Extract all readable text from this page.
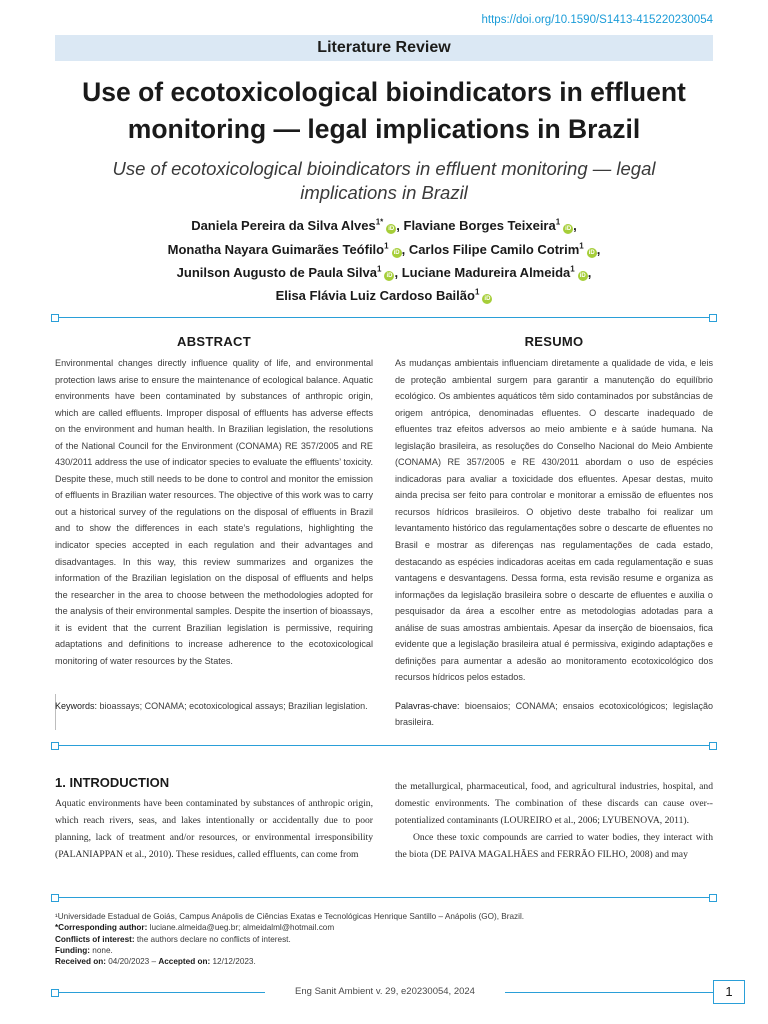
https://doi.org/10.1590/S1413-415220230054
Literature Review
Use of ecotoxicological bioindicators in effluent monitoring — legal implications in Brazil
Use of ecotoxicological bioindicators in effluent monitoring — legal implications in Brazil
Daniela Pereira da Silva Alves$^{1*}$iD , Flaviane Borges Teixeira$^1$iD ,
Monatha Nayara Guimarães Teófilo$^1$iD , Carlos Filipe Camilo Cotrim$^1$iD ,
Junilson Augusto de Paula Silva$^1$iD , Luciane Madureira Almeida$^1$iD ,
Elisa Flávia Luiz Cardoso Bailão$^1$iD
ABSTRACT

Environmental changes directly influence quality of life, and environmental protection laws arise to ensure the maintenance of ecological balance. Aquatic environments have been contaminated by substances of anthropic origin, which are called effluents. Improper disposal of effluents has adverse effects on the environment and human health. In Brazilian legislation, the resolutions of the National Council for the Environment (CONAMA) RE 357/2005 and RE 430/2011 address the use of indicator species to evaluate the effluents’ toxicity. Despite these, much still needs to be done to control and monitor the emission of effluents in Brazilian water resources. The objective of this work was to carry out a historical survey of the regulations on the disposal of effluents in Brazil and to show the differences in each state’s regulations, highlighting the indicator species accepted in each regulation and their advantages and disadvantages. In this way, this review summarizes and organizes the information of the Brazilian legislation on the disposal of effluents and helps the researcher in the area to choose between the methodologies adopted for the analysis of their environmental samples. Despite the insertion of bioassays, it is evident that the current Brazilian legislation is permissive, requiring adaptations and definitions to increase adherence to the ecotoxicological monitoring of water resources by the States.

RESUMO

As mudanças ambientais influenciam diretamente a qualidade de vida, e leis de proteção ambiental surgem para garantir a manutenção do equilíbrio ecológico. Os ambientes aquáticos têm sido contaminados por substâncias de origem antrópica, denominadas efluentes. O descarte inadequado de efluentes traz efeitos adversos ao meio ambiente e à saúde humana. Na legislação brasileira, as resoluções do Conselho Nacional do Meio Ambiente (CONAMA) RE 357/2005 e RE 430/2011 abordam o uso de espécies indicadoras para avaliar a toxicidade dos efluentes. Apesar destas, muito ainda precisa ser feito para controlar e monitorar a emissão de efluentes nos recursos hídricos brasileiros. O objetivo deste trabalho foi realizar um levantamento histórico das regulamentações sobre o descarte de efluentes no Brasil e mostrar as diferenças nas regulamentações de cada estado, destacando as espécies indicadoras aceitas em cada regulamentação e suas vantagens e desvantagens. Dessa forma, esta revisão resume e organiza as informações da legislação brasileira sobre o descarte de efluentes e auxilia o pesquisador da área a escolher entre as metodologias adotadas para a análise de suas amostras ambientais. Apesar da inserção de bioensaios, fica evidente que a legislação brasileira atual é permissiva, exigindo adaptações e definições para aumentar a adesão ao monitoramento ecotoxicológico dos recursos hídricos pelos estados.

Keywords: bioassays; CONAMA; ecotoxicological assays; Brazilian legislation.	Palavras-chave: bioensaios; CONAMA; ensaios ecotoxicológicos; legislação brasileira.
1. INTRODUCTION

Aquatic environments have been contaminated by substances of anthropic origin, which reach rivers, seas, and lakes intentionally or accidentally due to poor planning, lack of treatment and/or resources, or environmental irresponsibility (PALANIAPPAN et al., 2010). These residues, called effluents, can come from

the metallurgical, pharmaceutical, food, and agricultural industries, hospital, and domestic environments. The combination of these discards can cause over--potentialized contaminants (LOUREIRO et al., 2006; LYUBENOVA, 2011).

Once these toxic compounds are carried to water bodies, they interact with the biota (DE PAIVA MAGALHÃES and FERRÃO FILHO, 2008) and may

¹Universidade Estadual de Goiás, Campus Anápolis de Ciências Exatas e Tecnológicas Henrique Santillo – Anápolis (GO), Brazil.
*Corresponding author: luciane.almeida@ueg.br; almeidalml@hotmail.com
Conflicts of interest: the authors declare no conflicts of interest.
Funding: none.
Received on: 04/20/2023 – Accepted on: 12/12/2023.
Eng Sanit Ambient v. 29, e20230054, 2024	1
